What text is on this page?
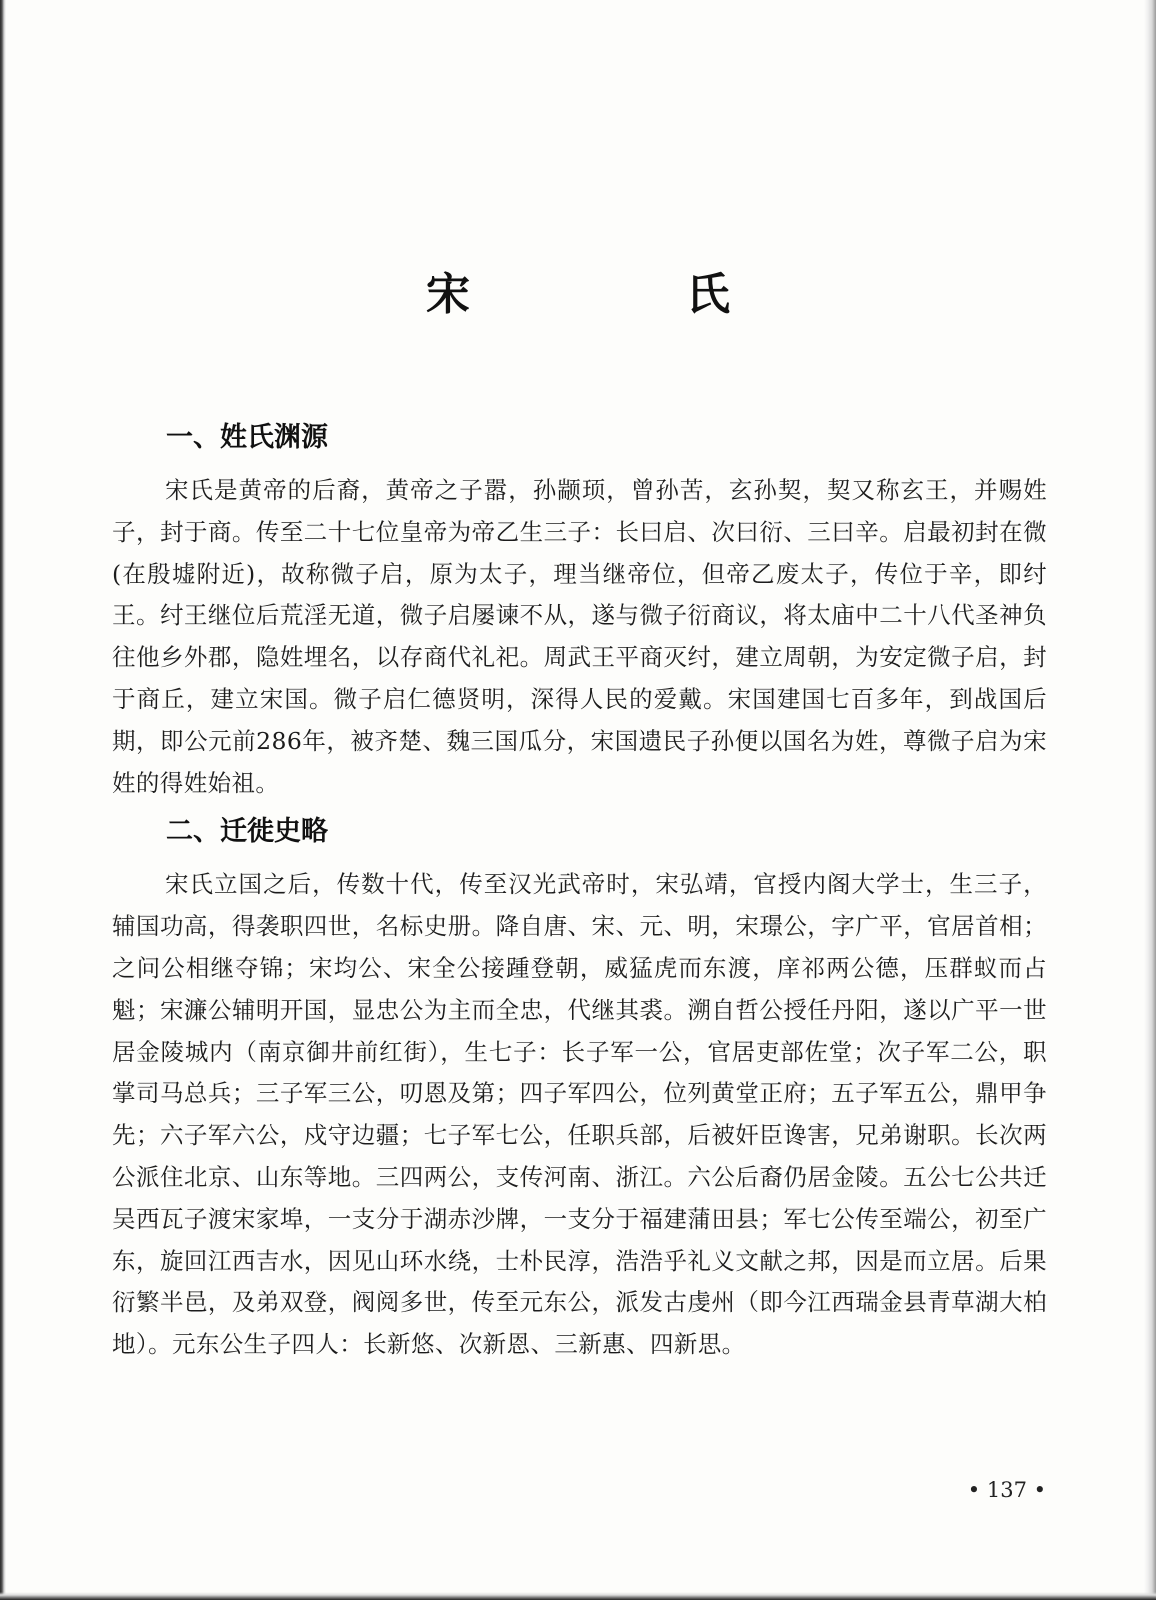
宋　氏
一、姓氏渊源

宋氏是黄帝的后裔，黄帝之子嚣，孙颛顼，曾孙苦，玄孙契，契又称玄王，并赐姓子，封于商。传至二十七位皇帝为帝乙生三子：长曰启、次曰衍、三曰辛。启最初封在微(在殷墟附近)，故称微子启，原为太子，理当继帝位，但帝乙废太子，传位于辛，即纣王。纣王继位后荒淫无道，微子启屡谏不从，遂与微子衍商议，将太庙中二十八代圣神负往他乡外郡，隐姓埋名，以存商代礼祀。周武王平商灭纣，建立周朝，为安定微子启，封于商丘，建立宋国。微子启仁德贤明，深得人民的爱戴。宋国建国七百多年，到战国后期，即公元前286年，被齐楚、魏三国瓜分，宋国遗民子孙便以国名为姓，尊微子启为宋姓的得姓始祖。

二、迁徙史略

宋氏立国之后，传数十代，传至汉光武帝时，宋弘靖，官授内阁大学士，生三子，辅国功高，得袭职四世，名标史册。降自唐、宋、元、明，宋璟公，字广平，官居首相；之问公相继夺锦；宋均公、宋全公接踵登朝，威猛虎而东渡，庠祁两公德，压群蚁而占魁；宋濂公辅明开国，显忠公为主而全忠，代继其裘。溯自哲公授任丹阳，遂以广平一世居金陵城内（南京御井前红街），生七子：长子军一公，官居吏部佐堂；次子军二公，职掌司马总兵；三子军三公，叨恩及第；四子军四公，位列黄堂正府；五子军五公，鼎甲争先；六子军六公，戍守边疆；七子军七公，任职兵部，后被奸臣谗害，兄弟谢职。长次两公派住北京、山东等地。三四两公，支传河南、浙江。六公后裔仍居金陵。五公七公共迁吴西瓦子渡宋家埠，一支分于湖赤沙牌，一支分于福建蒲田县；军七公传至端公，初至广东，旋回江西吉水，因见山环水绕，士朴民淳，浩浩乎礼义文献之邦，因是而立居。后果衍繁半邑，及弟双登，阀阅多世，传至元东公，派发古虔州（即今江西瑞金县青草湖大柏地）。元东公生子四人：长新悠、次新恩、三新惠、四新思。

• 137 •
